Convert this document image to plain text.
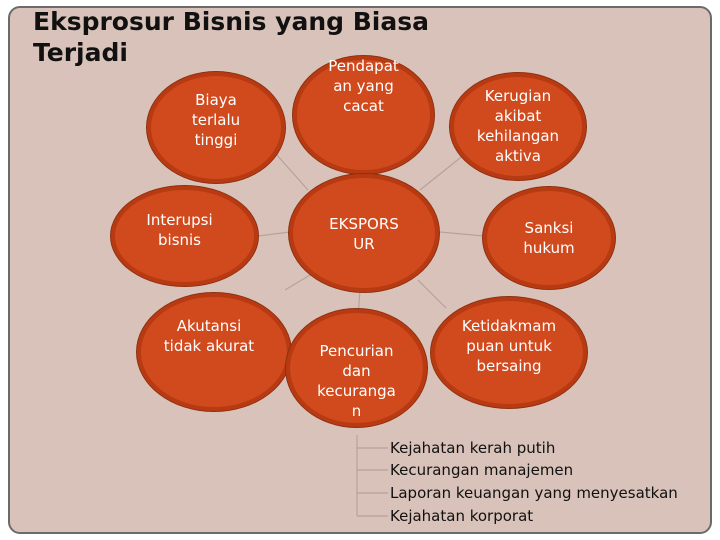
Eksprosur Bisnis yang Biasa
Terjadi
Biaya
terlalu
tinggi
Pendapat
an yang
cacat
Kerugian
akibat
kehilangan
aktiva
Interupsi
bisnis
EKSPORS
UR
Sanksi
hukum
Akutansi
tidak akurat	Pencurian
dan
kecuranga
n
Ketidakmam
puan untuk
bersaing
Kejahatan kerah putih
Kecurangan manajemen
Laporan keuangan yang menyesatkan
Kejahatan korporat
